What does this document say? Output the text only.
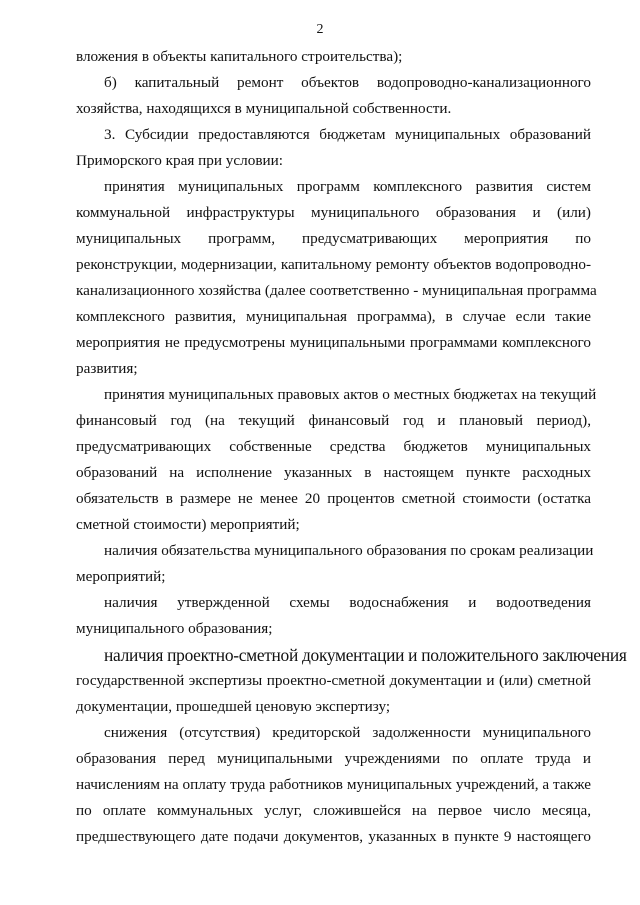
2
вложения в объекты капитального строительства);
б) капитальный ремонт объектов водопроводно-канализационного
хозяйства, находящихся в муниципальной собственности.
3. Субсидии предоставляются бюджетам муниципальных образований
Приморского края при условии:
принятия муниципальных программ комплексного развития систем
коммунальной инфраструктуры муниципального образования и (или)
муниципальных программ, предусматривающих мероприятия по
реконструкции, модернизации, капитальному ремонту объектов водопроводно-
канализационного хозяйства (далее соответственно - муниципальная программа
комплексного развития, муниципальная программа), в случае если такие
мероприятия не предусмотрены муниципальными программами комплексного
развития;
принятия муниципальных правовых актов о местных бюджетах на текущий
финансовый год (на текущий финансовый год и плановый период),
предусматривающих собственные средства бюджетов муниципальных
образований на исполнение указанных в настоящем пункте расходных
обязательств в размере не менее 20 процентов сметной стоимости (остатка
сметной стоимости) мероприятий;
наличия обязательства муниципального образования по срокам реализации
мероприятий;
наличия утвержденной схемы водоснабжения и водоотведения
муниципального образования;
наличия проектно-сметной документации и положительного заключения
государственной экспертизы проектно-сметной документации и (или) сметной
документации, прошедшей ценовую экспертизу;
снижения (отсутствия) кредиторской задолженности муниципального
образования перед муниципальными учреждениями по оплате труда и
начислениям на оплату труда работников муниципальных учреждений, а также
по оплате коммунальных услуг, сложившейся на первое число месяца,
предшествующего дате подачи документов, указанных в пункте 9 настоящего
